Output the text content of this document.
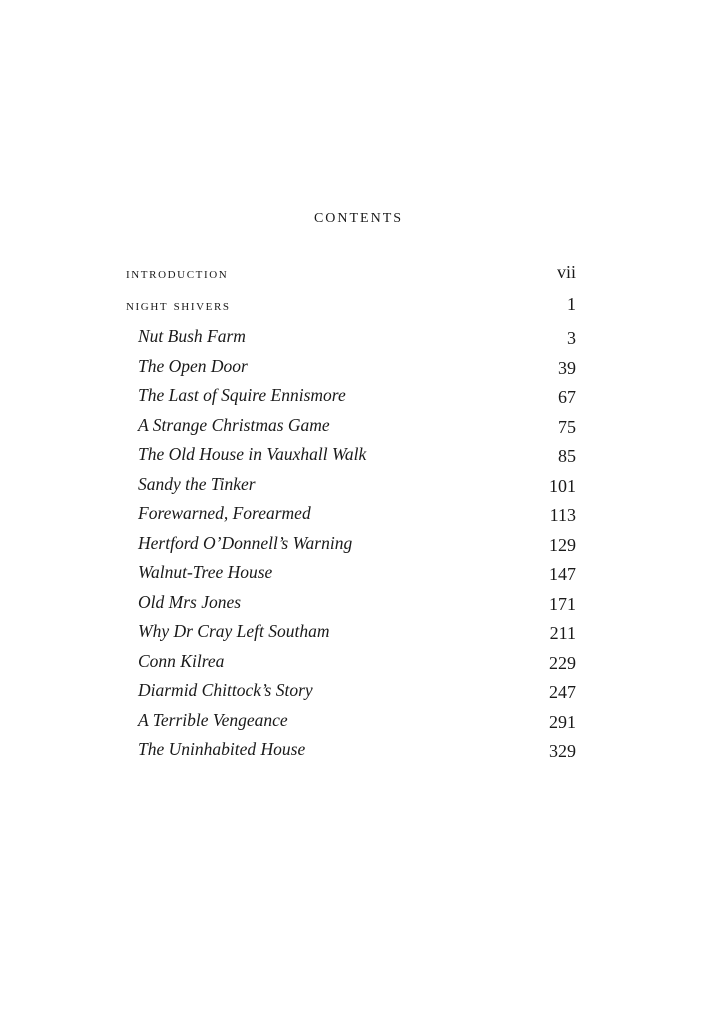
contents
introduction	vii
night shivers	1
Nut Bush Farm	3
The Open Door	39
The Last of Squire Ennismore	67
A Strange Christmas Game	75
The Old House in Vauxhall Walk	85
Sandy the Tinker	101
Forewarned, Forearmed	113
Hertford O’Donnell’s Warning	129
Walnut-Tree House	147
Old Mrs Jones	171
Why Dr Cray Left Southam	211
Conn Kilrea	229
Diarmid Chittock’s Story	247
A Terrible Vengeance	291
The Uninhabited House	329
